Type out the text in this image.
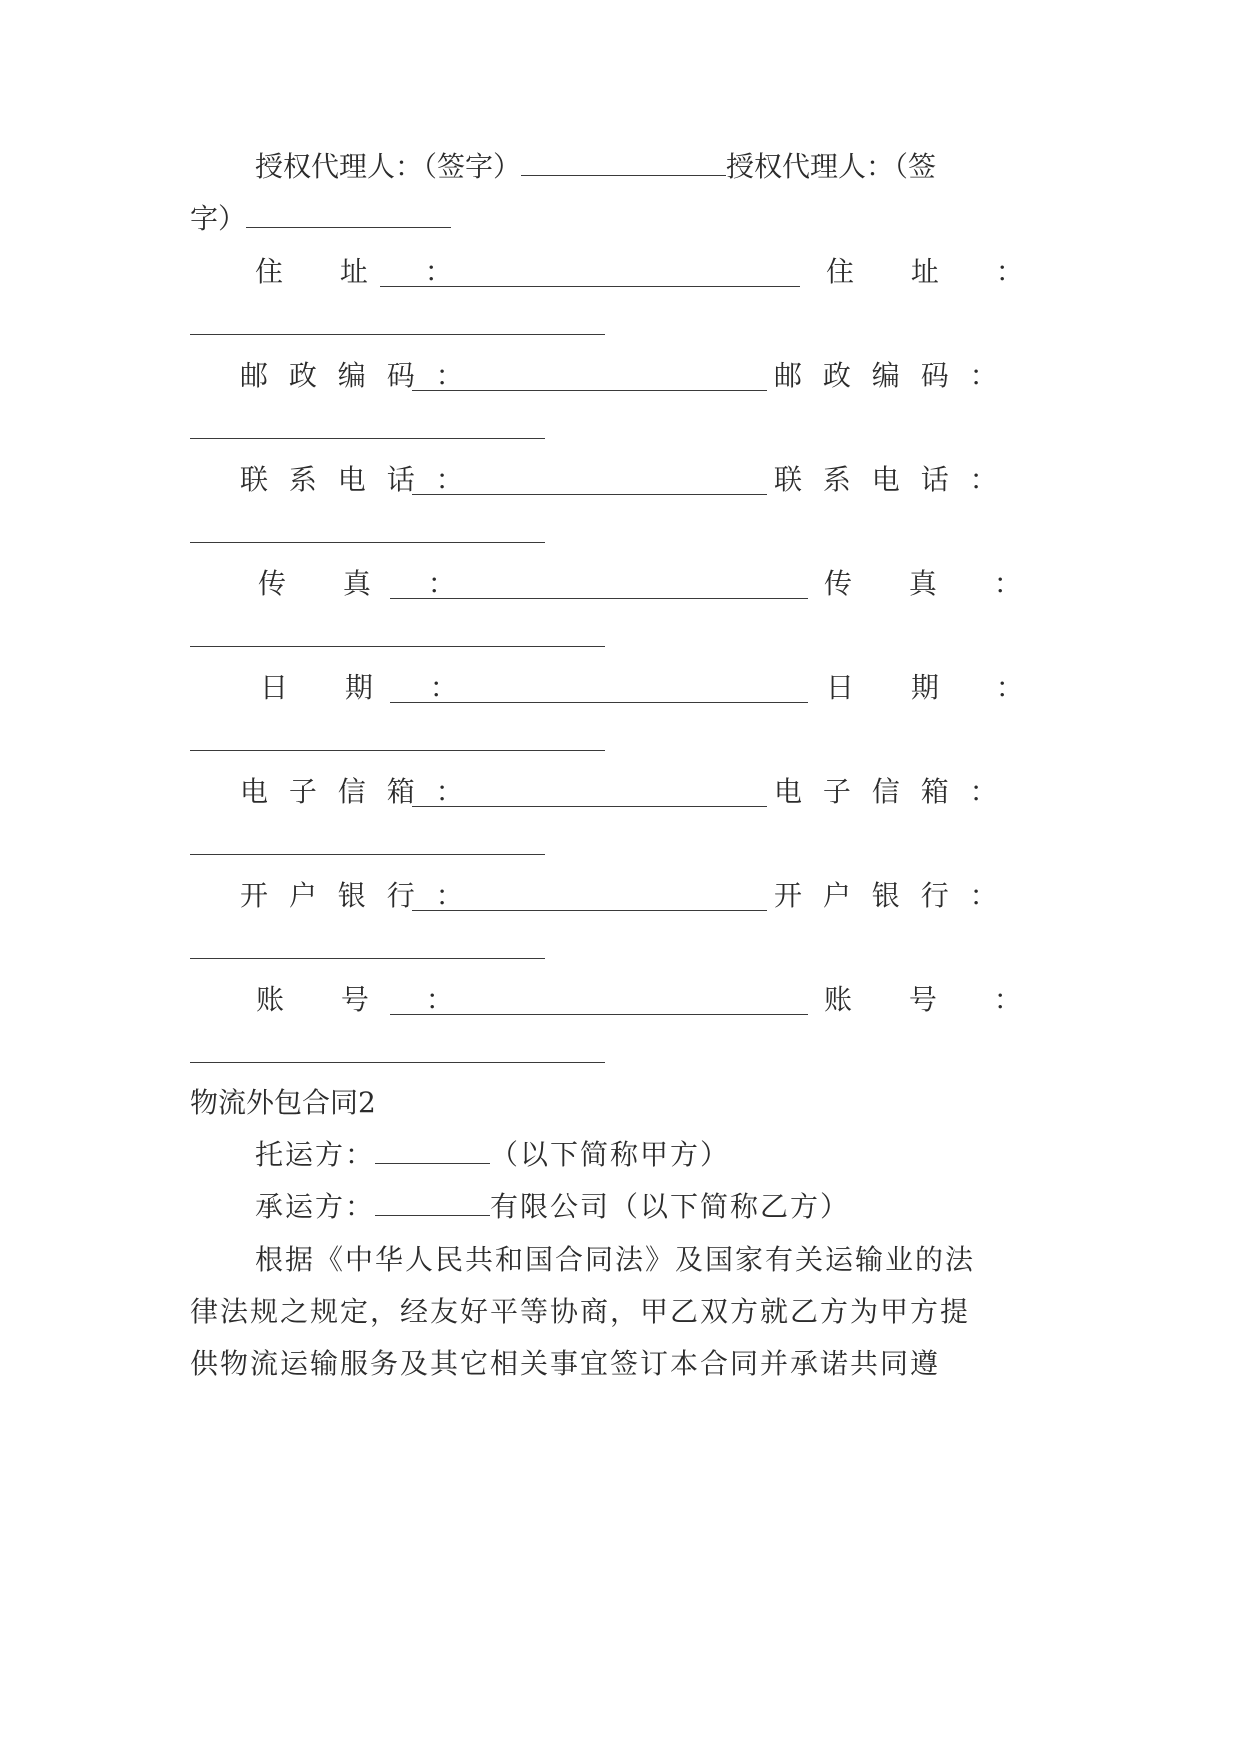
授权代理人：（签字）	授权代理人：（签
字）
住 址 ：	住 址 ：
邮 政 编 码 ：	邮 政 编 码 ：
联 系 电 话 ：	联 系 电 话 ：
传 真 ：	传 真 ：
日 期 ：	日 期 ：
电 子 信 箱 ：	电 子 信 箱 ：
开 户 银 行 ：	开 户 银 行 ：
账 号 ：	账 号 ：
物流外包合同2
托运方：	（以下简称甲方）
承运方：	有限公司（以下简称乙方）
根据《中华人民共和国合同法》及国家有关运输业的法
律法规之规定，经友好平等协商，甲乙双方就乙方为甲方提
供物流运输服务及其它相关事宜签订本合同并承诺共同遵
